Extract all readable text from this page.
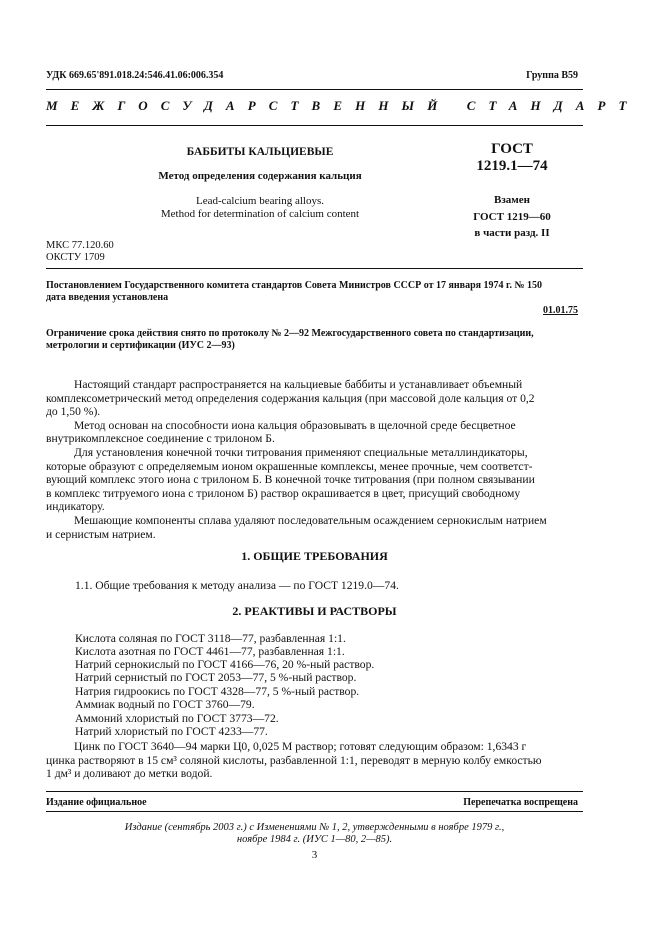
УДК 669.65'891.018.24:546.41.06:006.354	Группа В59
МЕЖГОСУДАРСТВЕННЫЙ СТАНДАРТ
БАББИТЫ КАЛЬЦИЕВЫЕ
Метод определения содержания кальция
Lead-calcium bearing alloys.
Method for determination of calcium content
ГОСТ
1219.1—74
Взамен
ГОСТ 1219—60
в части разд. II
МКС 77.120.60
ОКСТУ 1709
Постановлением Государственного комитета стандартов Совета Министров СССР от 17 января 1974 г. № 150
дата введения установлена
01.01.75
Ограничение срока действия снято по протоколу № 2—92 Межгосударственного совета по стандартизации,
метрологии и сертификации (ИУС 2—93)
Настоящий стандарт распространяется на кальциевые баббиты и устанавливает объемный
комплексометрический метод определения содержания кальция (при массовой доле кальция от 0,2
до 1,50 %).
Метод основан на способности иона кальция образовывать в щелочной среде бесцветное
внутрикомплексное соединение с трилоном Б.
Для установления конечной точки титрования применяют специальные металлиндикаторы,
которые образуют с определяемым ионом окрашенные комплексы, менее прочные, чем соответст-
вующий комплекс этого иона с трилоном Б. В конечной точке титрования (при полном связывании
в комплекс титруемого иона с трилоном Б) раствор окрашивается в цвет, присущий свободному
индикатору.
Мешающие компоненты сплава удаляют последовательным осаждением сернокислым натрием
и сернистым натрием.
1. ОБЩИЕ ТРЕБОВАНИЯ
1.1. Общие требования к методу анализа — по ГОСТ 1219.0—74.
2. РЕАКТИВЫ И РАСТВОРЫ
Кислота соляная по ГОСТ 3118—77, разбавленная 1:1.
Кислота азотная по ГОСТ 4461—77, разбавленная 1:1.
Натрий сернокислый по ГОСТ 4166—76, 20 %-ный раствор.
Натрий сернистый по ГОСТ 2053—77, 5 %-ный раствор.
Натрия гидроокись по ГОСТ 4328—77, 5 %-ный раствор.
Аммиак водный по ГОСТ 3760—79.
Аммоний хлористый по ГОСТ 3773—72.
Натрий хлористый по ГОСТ 4233—77.
Цинк по ГОСТ 3640—94 марки Ц0, 0,025 М раствор; готовят следующим образом: 1,6343 г
цинка растворяют в 15 см³ соляной кислоты, разбавленной 1:1, переводят в мерную колбу емкостью
1 дм³ и доливают до метки водой.
Издание официальное	Перепечатка воспрещена
Издание (сентябрь 2003 г.) с Изменениями № 1, 2, утвержденными в ноябре 1979 г.,
ноябре 1984 г. (ИУС 1—80, 2—85).
3
